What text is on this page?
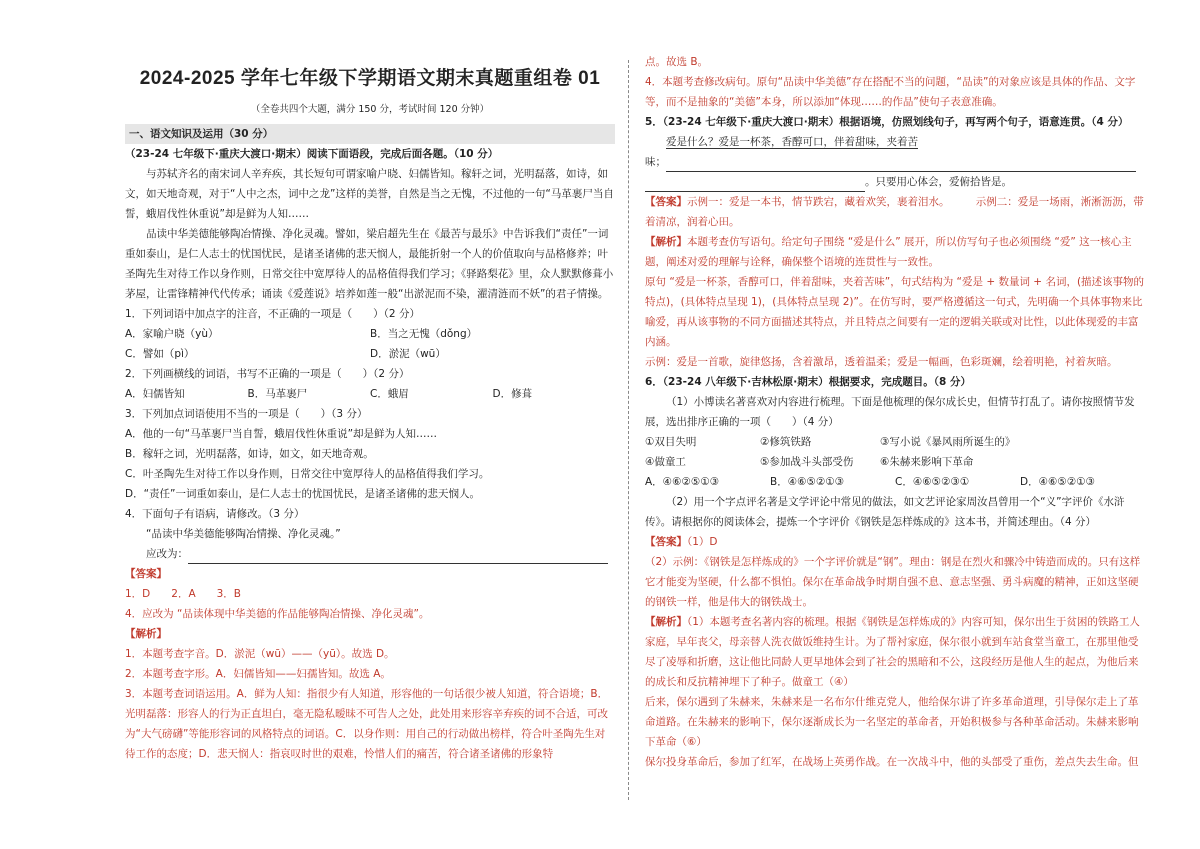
2024-2025 学年七年级下学期语文期末真题重组卷 01

（全卷共四个大题，满分 150 分，考试时间 120 分钟）

一、语文知识及运用（30 分）

（23-24 七年级下·重庆大渡口·期末）阅读下面语段，完成后面各题。（10 分）

与苏轼齐名的南宋词人辛弃疾，其长短句可谓家喻户晓、妇儒皆知。稼轩之词，光明磊落，如诗，如文，如天地奇观，对于“人中之杰，词中之龙”这样的美誉，自然是当之无愧，不过他的一句“马革裹尸当自誓，蛾眉伐性休重说”却是鲜为人知……

品读中华美德能够陶冶情操、净化灵魂。譬如，梁启超先生在《最苦与最乐》中告诉我们“责任”一词重如泰山，是仁人志士的忧国忧民，是诸圣诸佛的悲天悯人，最能折射一个人的价值取向与品格修养；叶圣陶先生对待工作以身作则，日常交往中宽厚待人的品格值得我们学习；《驿路梨花》里，众人默默修葺小茅屋，让雷锋精神代代传承；诵读《爱莲说》培养如莲一般“出淤泥而不染，濯清涟而不妖”的君子情操。

1．下列词语中加点字的注音，不正确的一项是（　　）（2 分）

A．家喻户晓（yù）	B．当之无愧（dǒng）
C．譬如（pì）	D．淤泥（wū）

2．下列画横线的词语，书写不正确的一项是（　　）（2 分）

A．妇儒皆知	B．马革裹尸	C．蛾眉	D．修葺

3．下列加点词语使用不当的一项是（　　）（3 分）

A．他的一句“马革裹尸当自誓，蛾眉伐性休重说”却是鲜为人知……

B．稼轩之词，光明磊落，如诗，如文，如天地奇观。

C．叶圣陶先生对待工作以身作则，日常交往中宽厚待人的品格值得我们学习。

D．“责任”一词重如泰山，是仁人志士的忧国忧民，是诸圣诸佛的悲天悯人。

4．下面句子有语病，请修改。（3 分）

“品读中华美德能够陶冶情操、净化灵魂。”

应改为：

【答案】

1．D　　2．A　　3．B

4．应改为 “品读体现中华美德的作品能够陶冶情操、净化灵魂”。

【解析】

1．本题考查字音。D．淤泥（wū）——（yū）。故选 D。

2．本题考查字形。A．妇儒皆知——妇孺皆知。故选 A。

3．本题考查词语运用。A．鲜为人知：指很少有人知道，形容他的一句话很少被人知道，符合语境；B．光明磊落：形容人的行为正直坦白，毫无隐私暧昧不可告人之处，此处用来形容辛弃疾的词不合适，可改为“大气磅礴”等能形容词的风格特点的词语。C．以身作则：用自己的行动做出榜样，符合叶圣陶先生对待工作的态度；D．悲天悯人：指哀叹时世的艰难，怜惜人们的痛苦，符合诸圣诸佛的形象特

点。故选 B。

4．本题考查修改病句。原句“品读中华美德”存在搭配不当的问题，“品读”的对象应该是具体的作品、文字等，而不是抽象的“美德”本身，所以添加“体现……的作品”使句子表意准确。

5．（23-24 七年级下·重庆大渡口·期末）根据语境，仿照划线句子，再写两个句子，语意连贯。（4 分）

爱是什么？爱是一杯茶，香醇可口，伴着甜味，夹着苦

味；

。只要用心体会，爱俯拾皆是。

【答案】示例一：爱是一本书，情节跌宕，藏着欢笑，裹着泪水。　　　示例二：爱是一场雨，淅淅沥沥，带着清凉，润着心田。

【解析】本题考查仿写语句。给定句子围绕 “爱是什么” 展开，所以仿写句子也必须围绕 “爱” 这一核心主题，阐述对爱的理解与诠释，确保整个语境的连贯性与一致性。

原句 “爱是一杯茶，香醇可口，伴着甜味，夹着苦味”，句式结构为 “爱是 + 数量词 + 名词，(描述该事物的特点)，(具体特点呈现 1)，(具体特点呈现 2)”。在仿写时，要严格遵循这一句式，先明确一个具体事物来比喻爱，再从该事物的不同方面描述其特点，并且特点之间要有一定的逻辑关联或对比性，以此体现爱的丰富内涵。

示例：爱是一首歌，旋律悠扬，含着激昂，透着温柔；爱是一幅画，色彩斑斓，绘着明艳，衬着灰暗。

6．（23-24 八年级下·吉林松原·期末）根据要求，完成题目。（8 分）

（1）小博读名著喜欢对内容进行梳理。下面是他梳理的保尔成长史，但情节打乱了。请你按照情节发展，选出排序正确的一项（　　）（4 分）

①双目失明	②修筑铁路	③写小说《暴风雨所诞生的》
④做童工	⑤参加战斗头部受伤	⑥朱赫来影响下革命
A．④⑥②⑤①③	B．④⑥⑤②①③	C．④⑥⑤②③①	D．④⑥⑤②①③

（2）用一个字点评名著是文学评论中常见的做法，如文艺评论家周汝昌曾用一个“义”字评价《水浒传》。请根据你的阅读体会，提炼一个字评价《钢铁是怎样炼成的》这本书，并简述理由。（4 分）

【答案】（1）D

（2）示例：《钢铁是怎样炼成的》一个字评价就是“钢”。理由：钢是在烈火和骤冷中铸造而成的。只有这样它才能变为坚硬，什么都不惧怕。保尔在革命战争时期自强不息、意志坚强、勇斗病魔的精神，正如这坚硬的钢铁一样，他是伟大的钢铁战士。

【解析】（1）本题考查名著内容的梳理。根据《钢铁是怎样炼成的》内容可知，保尔出生于贫困的铁路工人家庭，早年丧父，母亲替人洗衣做饭维持生计。为了帮衬家庭，保尔很小就到车站食堂当童工，在那里他受尽了凌辱和折磨，这让他比同龄人更早地体会到了社会的黑暗和不公，这段经历是他人生的起点，为他后来的成长和反抗精神埋下了种子。做童工（④）

后来，保尔遇到了朱赫来，朱赫来是一名布尔什维克党人，他给保尔讲了许多革命道理，引导保尔走上了革命道路。在朱赫来的影响下，保尔逐渐成长为一名坚定的革命者，开始积极参与各种革命活动。朱赫来影响下革命（⑥）

保尔投身革命后，参加了红军，在战场上英勇作战。在一次战斗中，他的头部受了重伤，差点失去生命。但
